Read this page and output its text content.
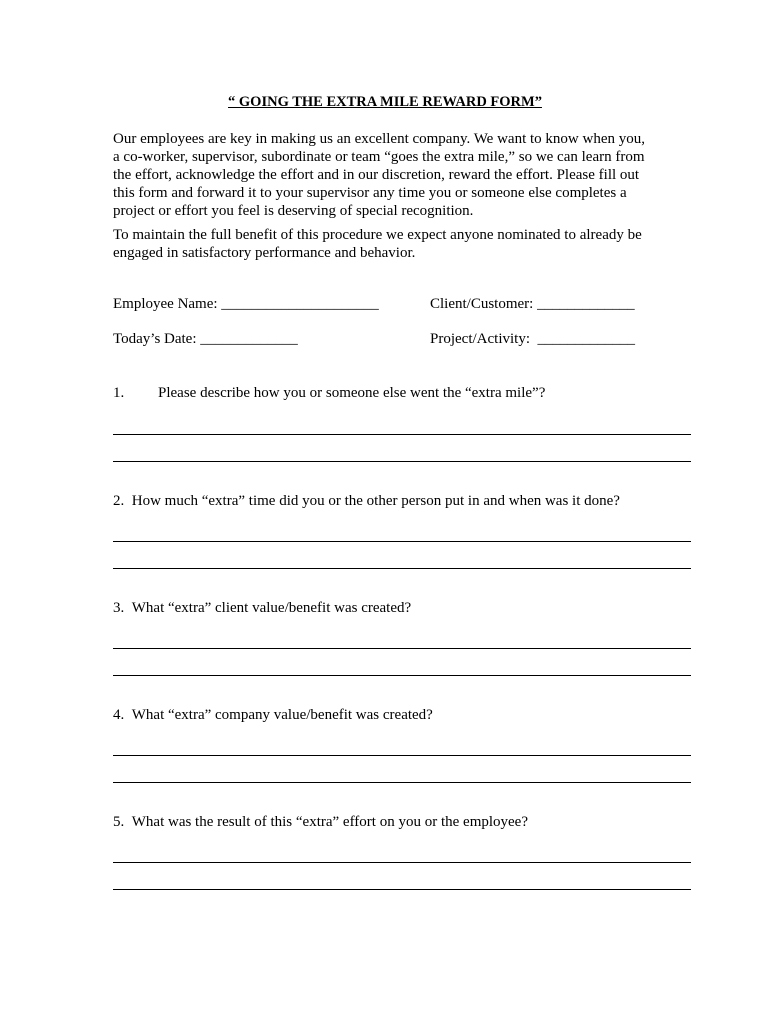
“ GOING THE EXTRA MILE REWARD FORM”
Our employees are key in making us an excellent company. We want to know when you,
a co-worker, supervisor, subordinate or team “goes the extra mile,” so we can learn from
the effort, acknowledge the effort and in our discretion, reward the effort. Please fill out
this form and forward it to your supervisor any time you or someone else completes a
project or effort you feel is deserving of special recognition.
To maintain the full benefit of this procedure we expect anyone nominated to already be
engaged in satisfactory performance and behavior.
Employee Name: _____________________	Client/Customer: _____________
Today’s Date: _____________	Project/Activity:  _____________
1. Please describe how you or someone else went the “extra mile”?
2. How much “extra” time did you or the other person put in and when was it done?
3. What “extra” client value/benefit was created?
4. What “extra” company value/benefit was created?
5. What was the result of this “extra” effort on you or the employee?
